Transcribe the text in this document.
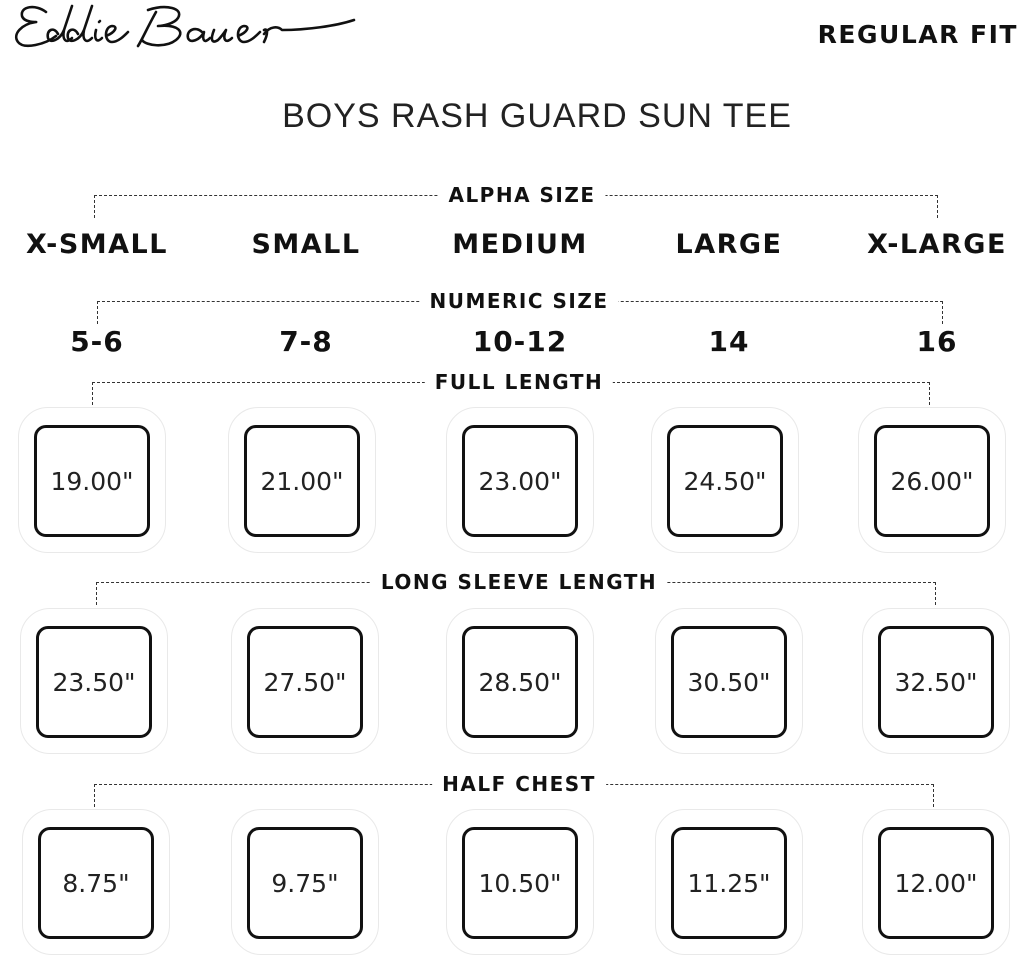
REGULAR FIT
BOYS RASH GUARD SUN TEE
ALPHA SIZE
X-SMALL	SMALL	MEDIUM	LARGE	X-LARGE
NUMERIC SIZE
5-6	7-8	10-12	14	16
FULL LENGTH
19.00"	21.00"	23.00"	24.50"	26.00"
LONG SLEEVE LENGTH
23.50"	27.50"	28.50"	30.50"	32.50"
HALF CHEST
8.75"	9.75"	10.50"	11.25"	12.00"
